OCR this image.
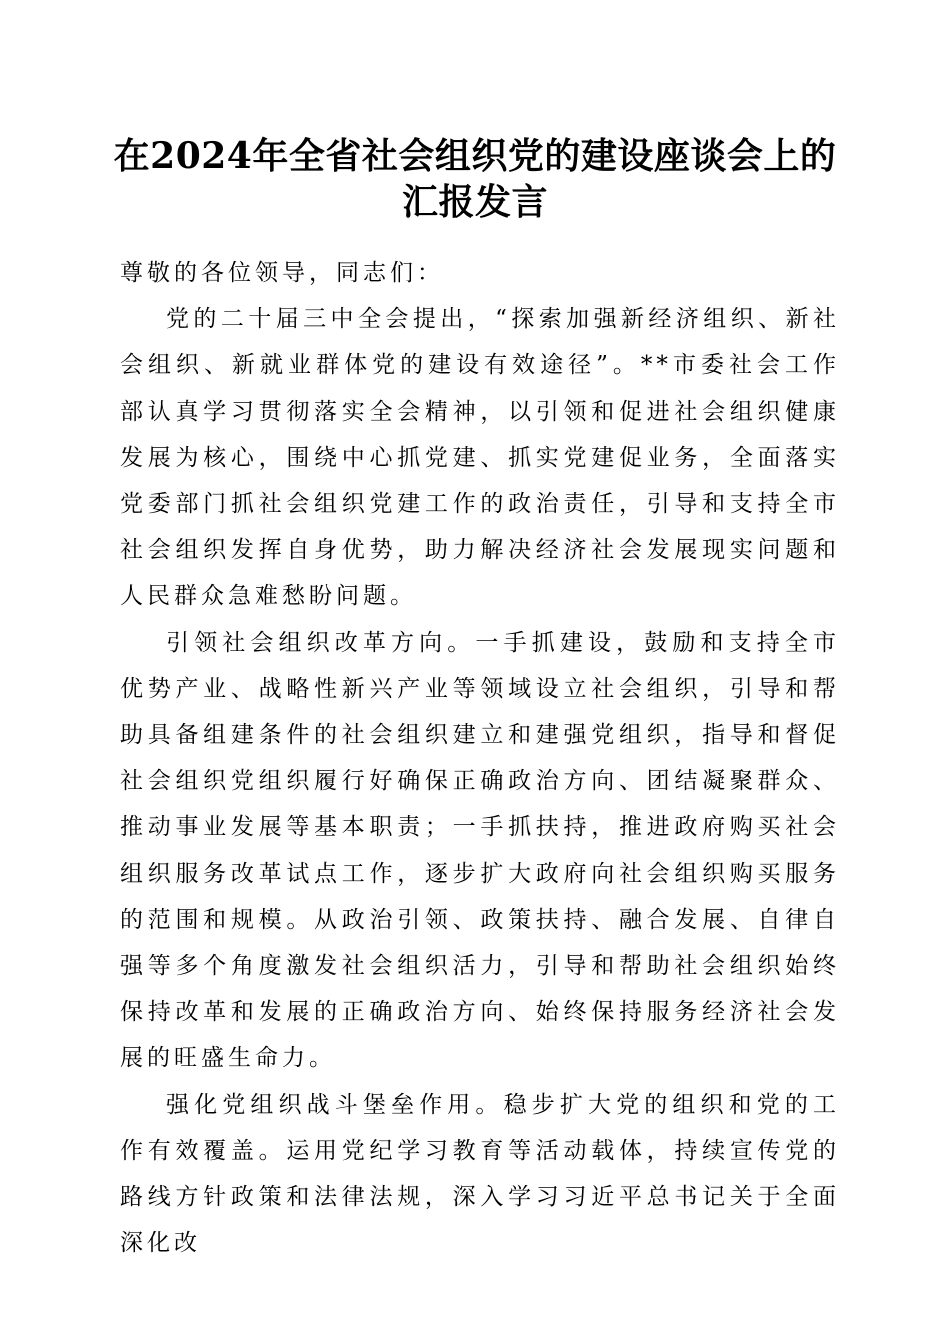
在2024年全省社会组织党的建设座谈会上的
汇报发言

尊敬的各位领导，同志们：

党的二十届三中全会提出，“探索加强新经济组织、新社会组织、新就业群体党的建设有效途径”。**市委社会工作部认真学习贯彻落实全会精神，以引领和促进社会组织健康发展为核心，围绕中心抓党建、抓实党建促业务，全面落实党委部门抓社会组织党建工作的政治责任，引导和支持全市社会组织发挥自身优势，助力解决经济社会发展现实问题和人民群众急难愁盼问题。

引领社会组织改革方向。一手抓建设，鼓励和支持全市优势产业、战略性新兴产业等领域设立社会组织，引导和帮助具备组建条件的社会组织建立和建强党组织，指导和督促社会组织党组织履行好确保正确政治方向、团结凝聚群众、推动事业发展等基本职责；一手抓扶持，推进政府购买社会组织服务改革试点工作，逐步扩大政府向社会组织购买服务的范围和规模。从政治引领、政策扶持、融合发展、自律自强等多个角度激发社会组织活力，引导和帮助社会组织始终保持改革和发展的正确政治方向、始终保持服务经济社会发展的旺盛生命力。

强化党组织战斗堡垒作用。稳步扩大党的组织和党的工作有效覆盖。运用党纪学习教育等活动载体，持续宣传党的路线方针政策和法律法规，深入学习习近平总书记关于全面深化改
